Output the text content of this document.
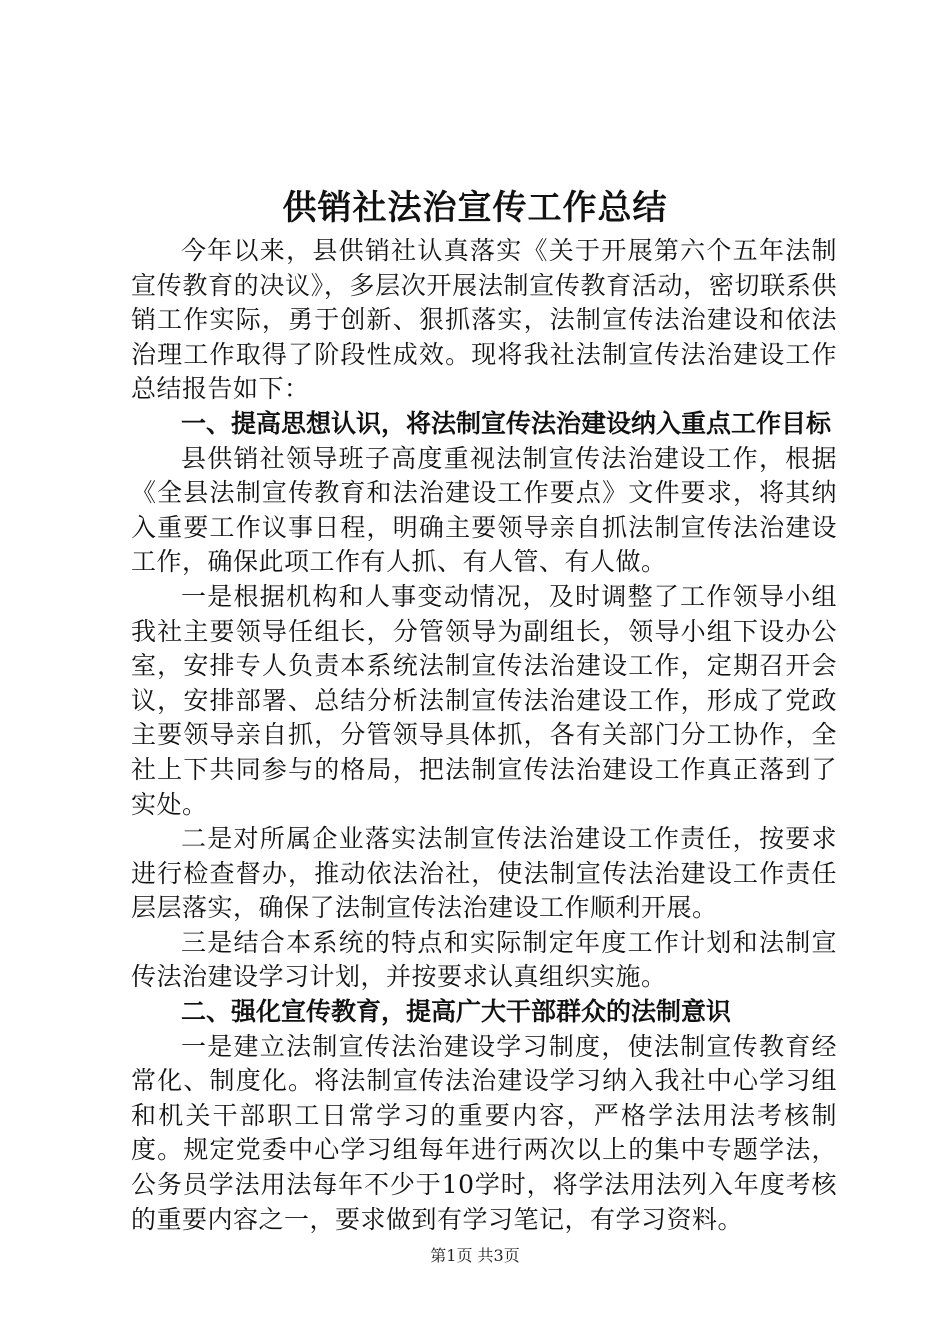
供销社法治宣传工作总结

今年以来，县供销社认真落实《关于开展第六个五年法制宣传教育的决议》，多层次开展法制宣传教育活动，密切联系供销工作实际，勇于创新、狠抓落实，法制宣传法治建设和依法治理工作取得了阶段性成效。现将我社法制宣传法治建设工作总结报告如下：

一、提高思想认识，将法制宣传法治建设纳入重点工作目标

县供销社领导班子高度重视法制宣传法治建设工作，根据《全县法制宣传教育和法治建设工作要点》文件要求，将其纳入重要工作议事日程，明确主要领导亲自抓法制宣传法治建设工作，确保此项工作有人抓、有人管、有人做。

一是根据机构和人事变动情况，及时调整了工作领导小组我社主要领导任组长，分管领导为副组长，领导小组下设办公室，安排专人负责本系统法制宣传法治建设工作，定期召开会议，安排部署、总结分析法制宣传法治建设工作，形成了党政主要领导亲自抓，分管领导具体抓，各有关部门分工协作，全社上下共同参与的格局，把法制宣传法治建设工作真正落到了实处。

二是对所属企业落实法制宣传法治建设工作责任，按要求进行检查督办，推动依法治社，使法制宣传法治建设工作责任层层落实，确保了法制宣传法治建设工作顺利开展。

三是结合本系统的特点和实际制定年度工作计划和法制宣传法治建设学习计划，并按要求认真组织实施。

二、强化宣传教育，提高广大干部群众的法制意识

一是建立法制宣传法治建设学习制度，使法制宣传教育经常化、制度化。将法制宣传法治建设学习纳入我社中心学习组和机关干部职工日常学习的重要内容，严格学法用法考核制度。规定党委中心学习组每年进行两次以上的集中专题学法，公务员学法用法每年不少于10学时，将学法用法列入年度考核的重要内容之一，要求做到有学习笔记，有学习资料。

第1页 共3页
